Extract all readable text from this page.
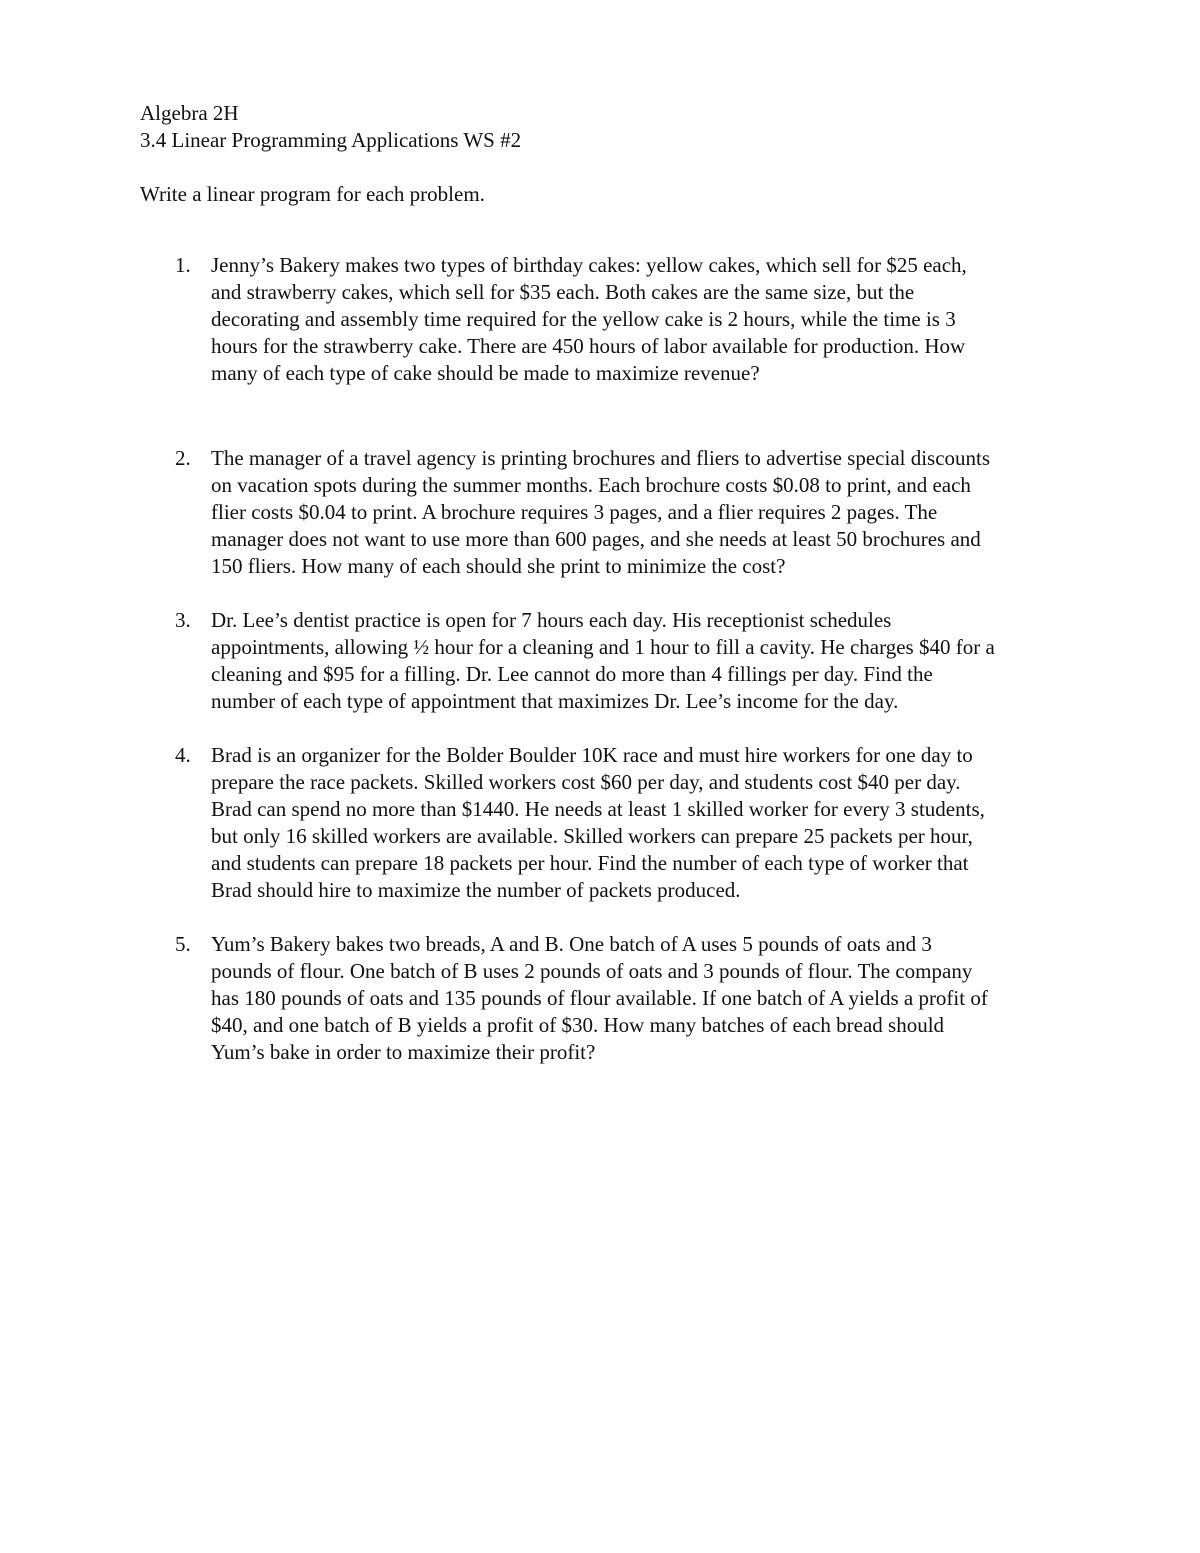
Algebra 2H
3.4 Linear Programming Applications WS #2
Write a linear program for each problem.
1. Jenny’s Bakery makes two types of birthday cakes: yellow cakes, which sell for $25 each,
and strawberry cakes, which sell for $35 each. Both cakes are the same size, but the
decorating and assembly time required for the yellow cake is 2 hours, while the time is 3
hours for the strawberry cake. There are 450 hours of labor available for production. How
many of each type of cake should be made to maximize revenue?
2. The manager of a travel agency is printing brochures and fliers to advertise special discounts
on vacation spots during the summer months. Each brochure costs $0.08 to print, and each
flier costs $0.04 to print. A brochure requires 3 pages, and a flier requires 2 pages. The
manager does not want to use more than 600 pages, and she needs at least 50 brochures and
150 fliers. How many of each should she print to minimize the cost?
3. Dr. Lee’s dentist practice is open for 7 hours each day. His receptionist schedules
appointments, allowing ½ hour for a cleaning and 1 hour to fill a cavity. He charges $40 for a
cleaning and $95 for a filling. Dr. Lee cannot do more than 4 fillings per day. Find the
number of each type of appointment that maximizes Dr. Lee’s income for the day.
4. Brad is an organizer for the Bolder Boulder 10K race and must hire workers for one day to
prepare the race packets. Skilled workers cost $60 per day, and students cost $40 per day.
Brad can spend no more than $1440. He needs at least 1 skilled worker for every 3 students,
but only 16 skilled workers are available. Skilled workers can prepare 25 packets per hour,
and students can prepare 18 packets per hour. Find the number of each type of worker that
Brad should hire to maximize the number of packets produced.
5. Yum’s Bakery bakes two breads, A and B. One batch of A uses 5 pounds of oats and 3
pounds of flour. One batch of B uses 2 pounds of oats and 3 pounds of flour. The company
has 180 pounds of oats and 135 pounds of flour available. If one batch of A yields a profit of
$40, and one batch of B yields a profit of $30. How many batches of each bread should
Yum’s bake in order to maximize their profit?
